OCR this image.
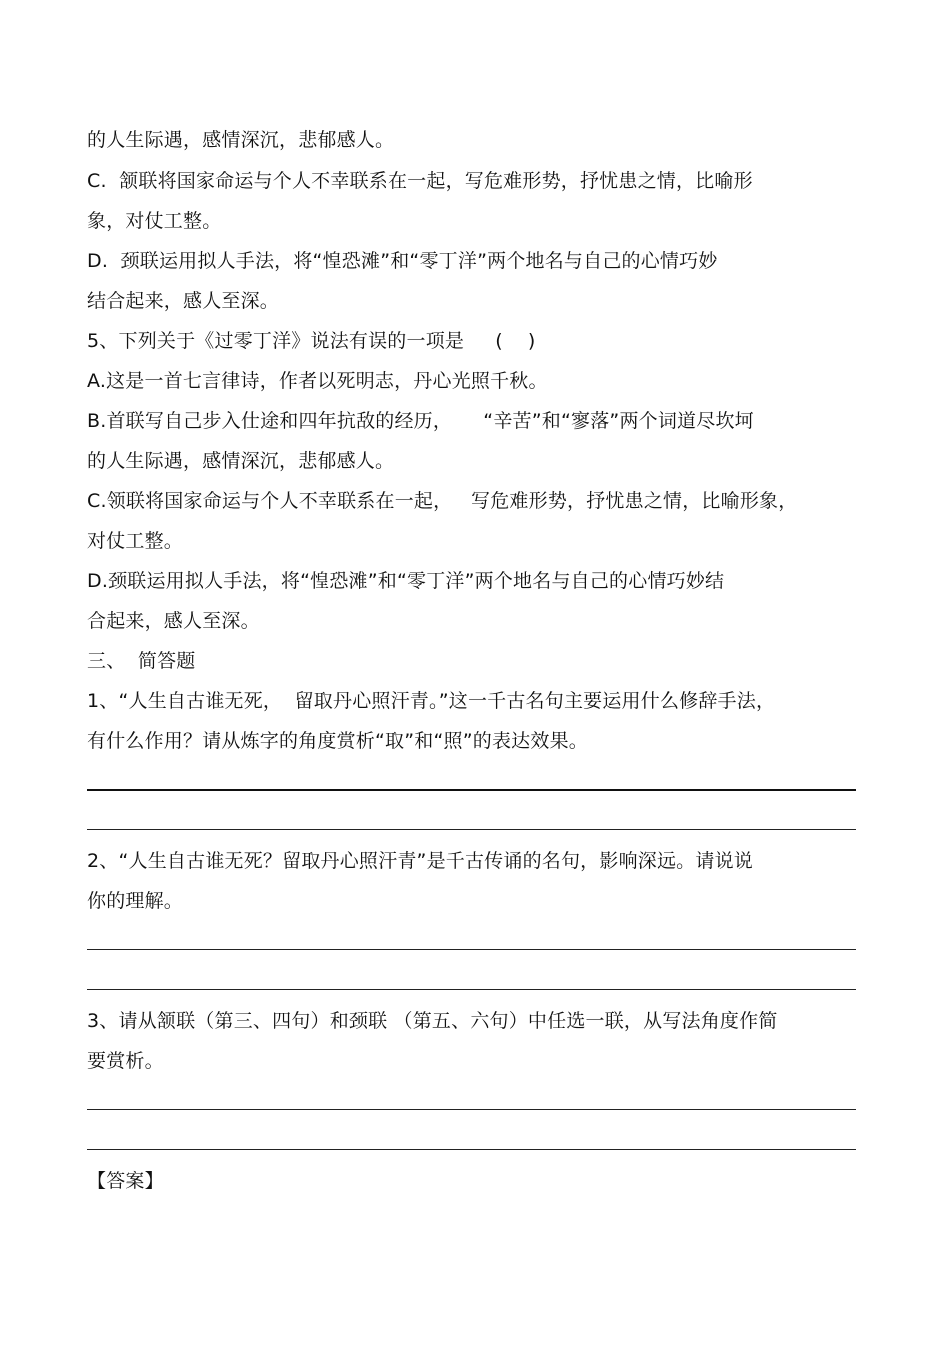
的人生际遇，感情深沉，悲郁感人。
C.  颔联将国家命运与个人不幸联系在一起，写危难形势，抒忧患之情，比喻形
象，对仗工整。
D.  颈联运用拟人手法，将“惶恐滩”和“零丁洋”两个地名与自己的心情巧妙
结合起来，感人至深。
5、下列关于《过零丁洋》说法有误的一项是     (    )
A.这是一首七言律诗，作者以死明志，丹心光照千秋。
B.首联写自己步入仕途和四年抗敌的经历，     “辛苦”和“寥落”两个词道尽坎坷
的人生际遇，感情深沉，悲郁感人。
C.领联将国家命运与个人不幸联系在一起，   写危难形势，抒忧患之情，比喻形象，
对仗工整。
D.颈联运用拟人手法，将“惶恐滩”和“零丁洋”两个地名与自己的心情巧妙结
合起来，感人至深。
三、  简答题
1、“人生自古谁无死，  留取丹心照汗青。”这一千古名句主要运用什么修辞手法，
有什么作用？请从炼字的角度赏析“取”和“照”的表达效果。
2、“人生自古谁无死？留取丹心照汗青”是千古传诵的名句，影响深远。请说说
你的理解。
3、请从颔联（第三、四句）和颈联 （第五、六句）中任选一联，从写法角度作简
要赏析。
【答案】
